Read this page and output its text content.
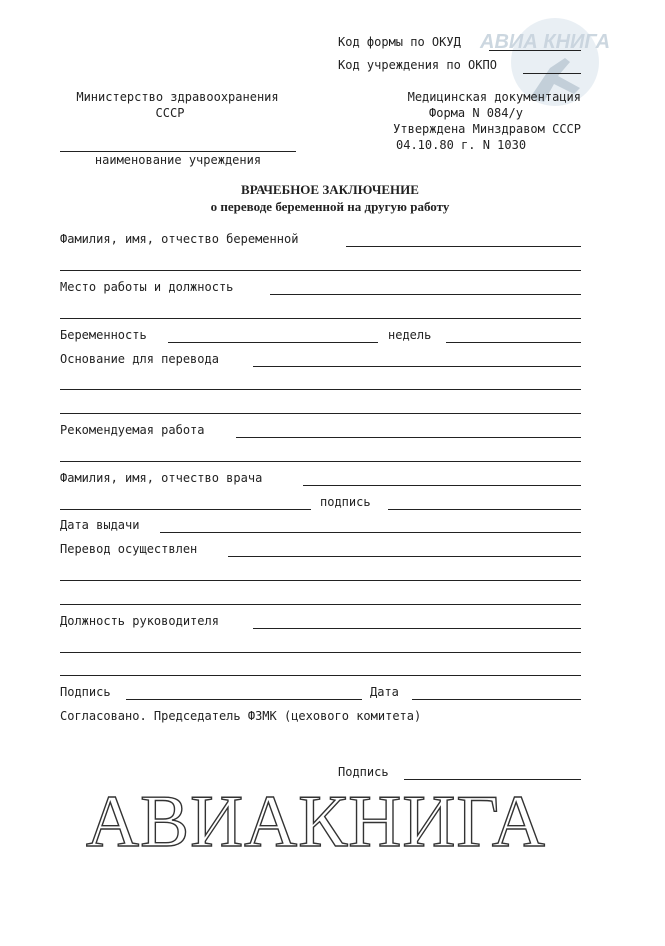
АВИА КНИГА
Код формы по ОКУД
Код учреждения по ОКПО
Министерство здравоохранения
СССР
наименование учреждения
Медицинская документация
Форма N 084/у
Утверждена Минздравом СССР
04.10.80 г. N 1030
ВРАЧЕБНОЕ ЗАКЛЮЧЕНИЕ
о переводе беременной на другую работу
Фамилия, имя, отчество беременной
Место работы и должность
Беременность	недель
Основание для перевода
Рекомендуемая работа
Фамилия, имя, отчество врача
подпись
Дата выдачи
Перевод осуществлен
Должность руководителя
Подпись	Дата
Согласовано. Председатель ФЗМК (цехового комитета)
Подпись
АВИАКНИГА
